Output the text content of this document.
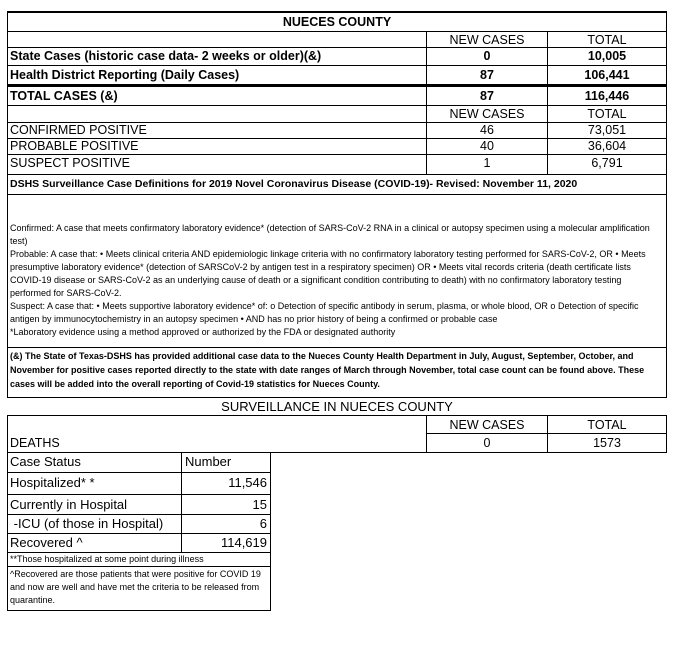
NUECES COUNTY
NEW CASES	TOTAL
State Cases (historic case data- 2 weeks or older)(&)	0	10,005
Health District Reporting (Daily Cases)	87	106,441
TOTAL CASES (&)	87	116,446
NEW CASES	TOTAL
CONFIRMED POSITIVE	46	73,051
PROBABLE POSITIVE	40	36,604
SUSPECT POSITIVE	1	6,791
DSHS Surveillance Case Definitions for 2019 Novel Coronavirus Disease (COVID-19)- Revised: November 11, 2020
Confirmed: A case that meets confirmatory laboratory evidence* (detection of SARS-CoV-2 RNA in a clinical or autopsy specimen using a molecular amplification test)
Probable: A case that: • Meets clinical criteria AND epidemiologic linkage criteria with no confirmatory laboratory testing performed for SARS-CoV-2, OR • Meets presumptive laboratory evidence* (detection of SARSCoV-2 by antigen test in a respiratory specimen) OR • Meets vital records criteria (death certificate lists COVID-19 disease or SARS-CoV-2 as an underlying cause of death or a significant condition contributing to death) with no confirmatory laboratory testing performed for SARS-CoV-2.
Suspect: A case that: • Meets supportive laboratory evidence* of: o Detection of specific antibody in serum, plasma, or whole blood, OR o Detection of specific antigen by immunocytochemistry in an autopsy specimen • AND has no prior history of being a confirmed or probable case
*Laboratory evidence using a method approved or authorized by the FDA or designated authority
(&) The State of Texas-DSHS has provided additional case data to the Nueces County Health Department in July, August, September, October, and November for positive cases reported directly to the state with date ranges of March through November, total case count can be found above. These cases will be added into the overall reporting of Covid-19 statistics for Nueces County.
SURVEILLANCE IN NUECES COUNTY
NEW CASES	TOTAL
DEATHS	0	1573
Case Status	Number
Hospitalized* *	11,546
Currently in Hospital	15
-ICU (of those in Hospital)	6
Recovered ^	114,619
**Those hospitalized at some point during illness
^Recovered are those patients that were positive for COVID 19 and now are well and have met the criteria to be released from quarantine.
